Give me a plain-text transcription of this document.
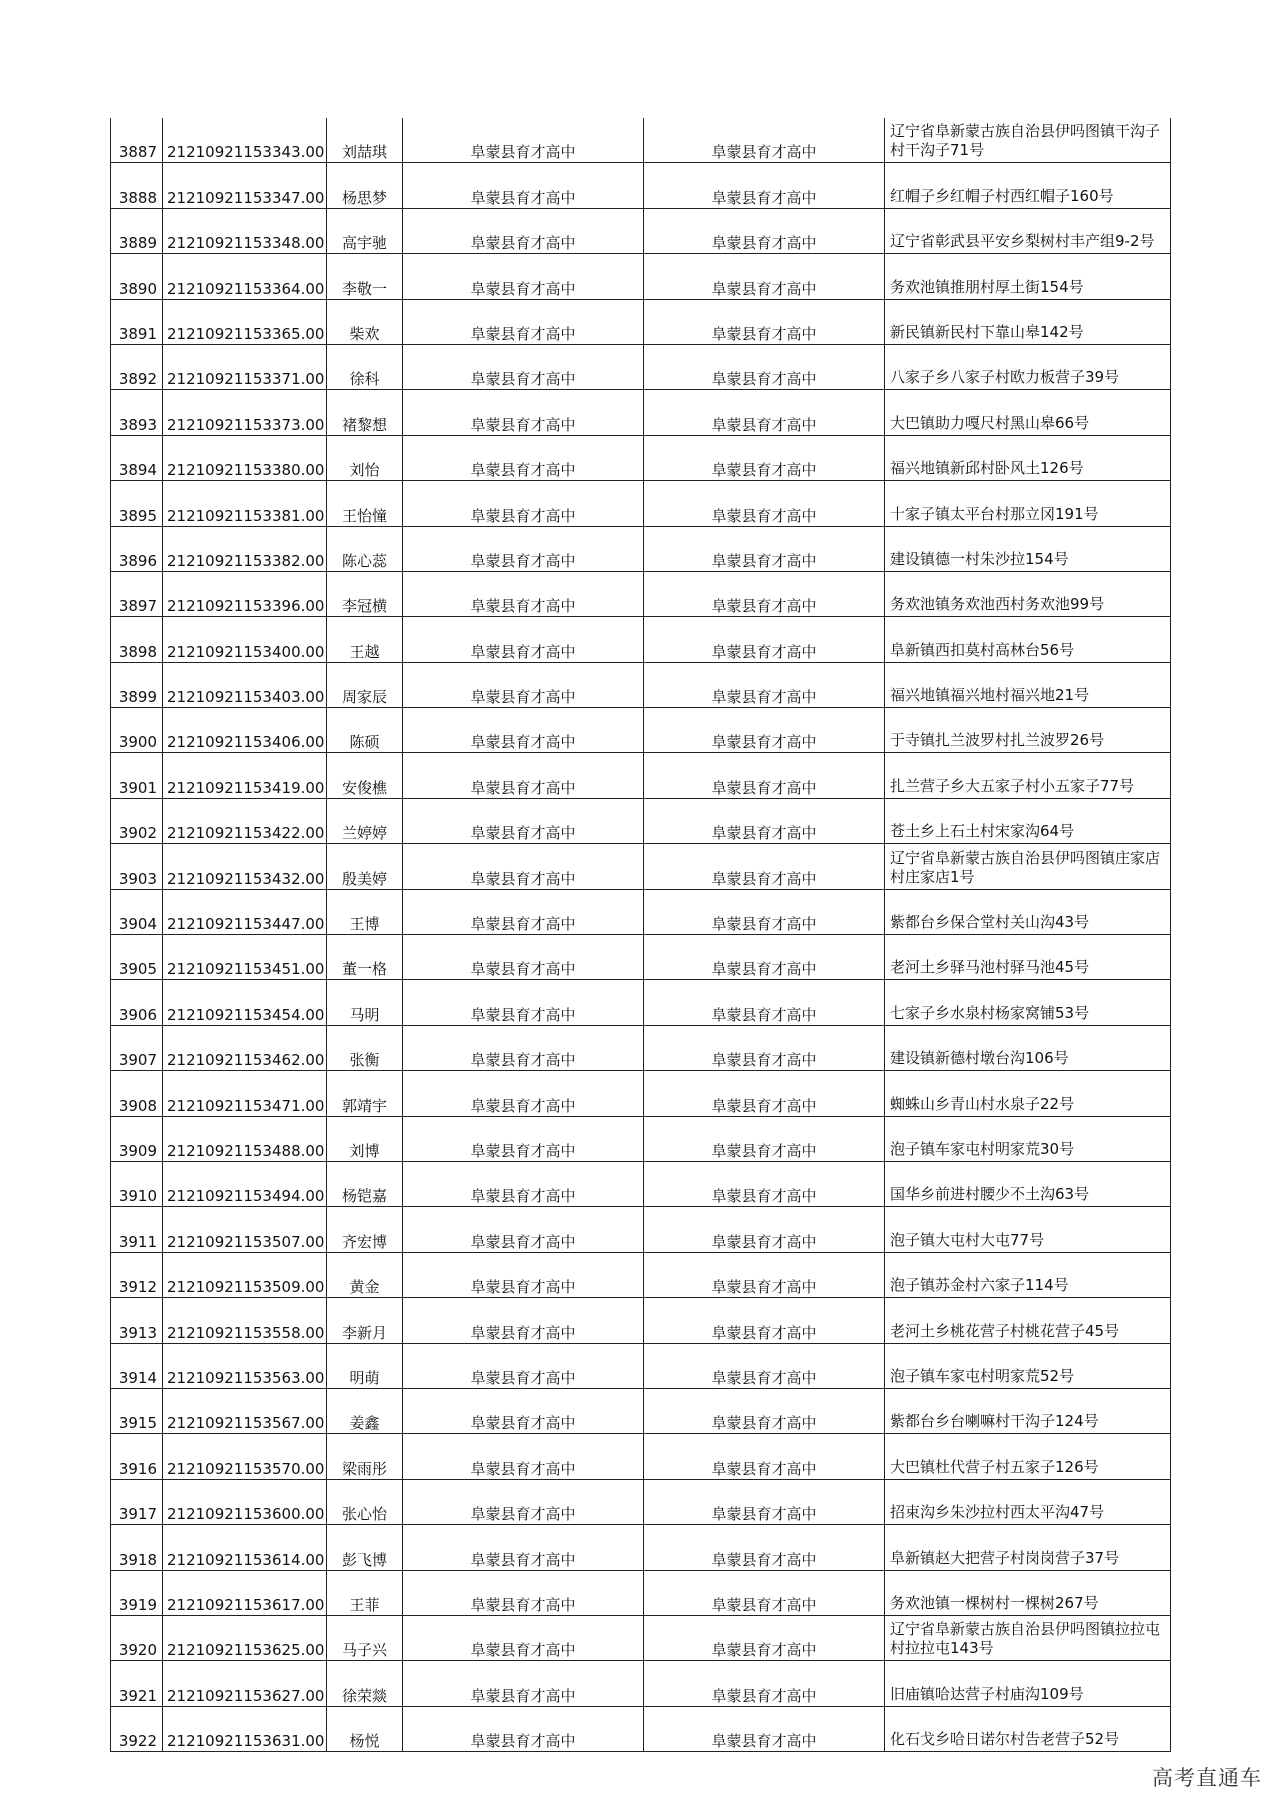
3887	21210921153343.00	刘喆琪	阜蒙县育才高中	阜蒙县育才高中	辽宁省阜新蒙古族自治县伊吗图镇干沟子村干沟子71号
3888	21210921153347.00	杨思梦	阜蒙县育才高中	阜蒙县育才高中	红帽子乡红帽子村西红帽子160号
3889	21210921153348.00	高宇驰	阜蒙县育才高中	阜蒙县育才高中	辽宁省彰武县平安乡梨树村丰产组9-2号
3890	21210921153364.00	李敬一	阜蒙县育才高中	阜蒙县育才高中	务欢池镇推朋村厚土街154号
3891	21210921153365.00	柴欢	阜蒙县育才高中	阜蒙县育才高中	新民镇新民村下靠山皋142号
3892	21210921153371.00	徐科	阜蒙县育才高中	阜蒙县育才高中	八家子乡八家子村欧力板营子39号
3893	21210921153373.00	褚黎想	阜蒙县育才高中	阜蒙县育才高中	大巴镇助力嘎尺村黑山皋66号
3894	21210921153380.00	刘怡	阜蒙县育才高中	阜蒙县育才高中	福兴地镇新邱村卧风土126号
3895	21210921153381.00	王怡憧	阜蒙县育才高中	阜蒙县育才高中	十家子镇太平台村那立冈191号
3896	21210921153382.00	陈心蕊	阜蒙县育才高中	阜蒙县育才高中	建设镇德一村朱沙拉154号
3897	21210921153396.00	李冠横	阜蒙县育才高中	阜蒙县育才高中	务欢池镇务欢池西村务欢池99号
3898	21210921153400.00	王越	阜蒙县育才高中	阜蒙县育才高中	阜新镇西扣莫村高林台56号
3899	21210921153403.00	周家辰	阜蒙县育才高中	阜蒙县育才高中	福兴地镇福兴地村福兴地21号
3900	21210921153406.00	陈硕	阜蒙县育才高中	阜蒙县育才高中	于寺镇扎兰波罗村扎兰波罗26号
3901	21210921153419.00	安俊樵	阜蒙县育才高中	阜蒙县育才高中	扎兰营子乡大五家子村小五家子77号
3902	21210921153422.00	兰婷婷	阜蒙县育才高中	阜蒙县育才高中	苍土乡上石土村宋家沟64号
3903	21210921153432.00	殷美婷	阜蒙县育才高中	阜蒙县育才高中	辽宁省阜新蒙古族自治县伊吗图镇庄家店村庄家店1号
3904	21210921153447.00	王博	阜蒙县育才高中	阜蒙县育才高中	紫都台乡保合堂村关山沟43号
3905	21210921153451.00	董一格	阜蒙县育才高中	阜蒙县育才高中	老河土乡驿马池村驿马池45号
3906	21210921153454.00	马明	阜蒙县育才高中	阜蒙县育才高中	七家子乡水泉村杨家窝铺53号
3907	21210921153462.00	张衡	阜蒙县育才高中	阜蒙县育才高中	建设镇新德村墩台沟106号
3908	21210921153471.00	郭靖宇	阜蒙县育才高中	阜蒙县育才高中	蜘蛛山乡青山村水泉子22号
3909	21210921153488.00	刘博	阜蒙县育才高中	阜蒙县育才高中	泡子镇车家屯村明家荒30号
3910	21210921153494.00	杨铠嘉	阜蒙县育才高中	阜蒙县育才高中	国华乡前进村腰少不土沟63号
3911	21210921153507.00	齐宏博	阜蒙县育才高中	阜蒙县育才高中	泡子镇大屯村大屯77号
3912	21210921153509.00	黄金	阜蒙县育才高中	阜蒙县育才高中	泡子镇苏金村六家子114号
3913	21210921153558.00	李新月	阜蒙县育才高中	阜蒙县育才高中	老河土乡桃花营子村桃花营子45号
3914	21210921153563.00	明萌	阜蒙县育才高中	阜蒙县育才高中	泡子镇车家屯村明家荒52号
3915	21210921153567.00	姜鑫	阜蒙县育才高中	阜蒙县育才高中	紫都台乡台喇嘛村干沟子124号
3916	21210921153570.00	梁雨彤	阜蒙县育才高中	阜蒙县育才高中	大巴镇杜代营子村五家子126号
3917	21210921153600.00	张心怡	阜蒙县育才高中	阜蒙县育才高中	招束沟乡朱沙拉村西太平沟47号
3918	21210921153614.00	彭飞博	阜蒙县育才高中	阜蒙县育才高中	阜新镇赵大把营子村岗岗营子37号
3919	21210921153617.00	王菲	阜蒙县育才高中	阜蒙县育才高中	务欢池镇一棵树村一棵树267号
3920	21210921153625.00	马子兴	阜蒙县育才高中	阜蒙县育才高中	辽宁省阜新蒙古族自治县伊吗图镇拉拉屯村拉拉屯143号
3921	21210921153627.00	徐荣燚	阜蒙县育才高中	阜蒙县育才高中	旧庙镇哈达营子村庙沟109号
3922	21210921153631.00	杨悦	阜蒙县育才高中	阜蒙县育才高中	化石戈乡哈日诺尔村告老营子52号
高考直通车
